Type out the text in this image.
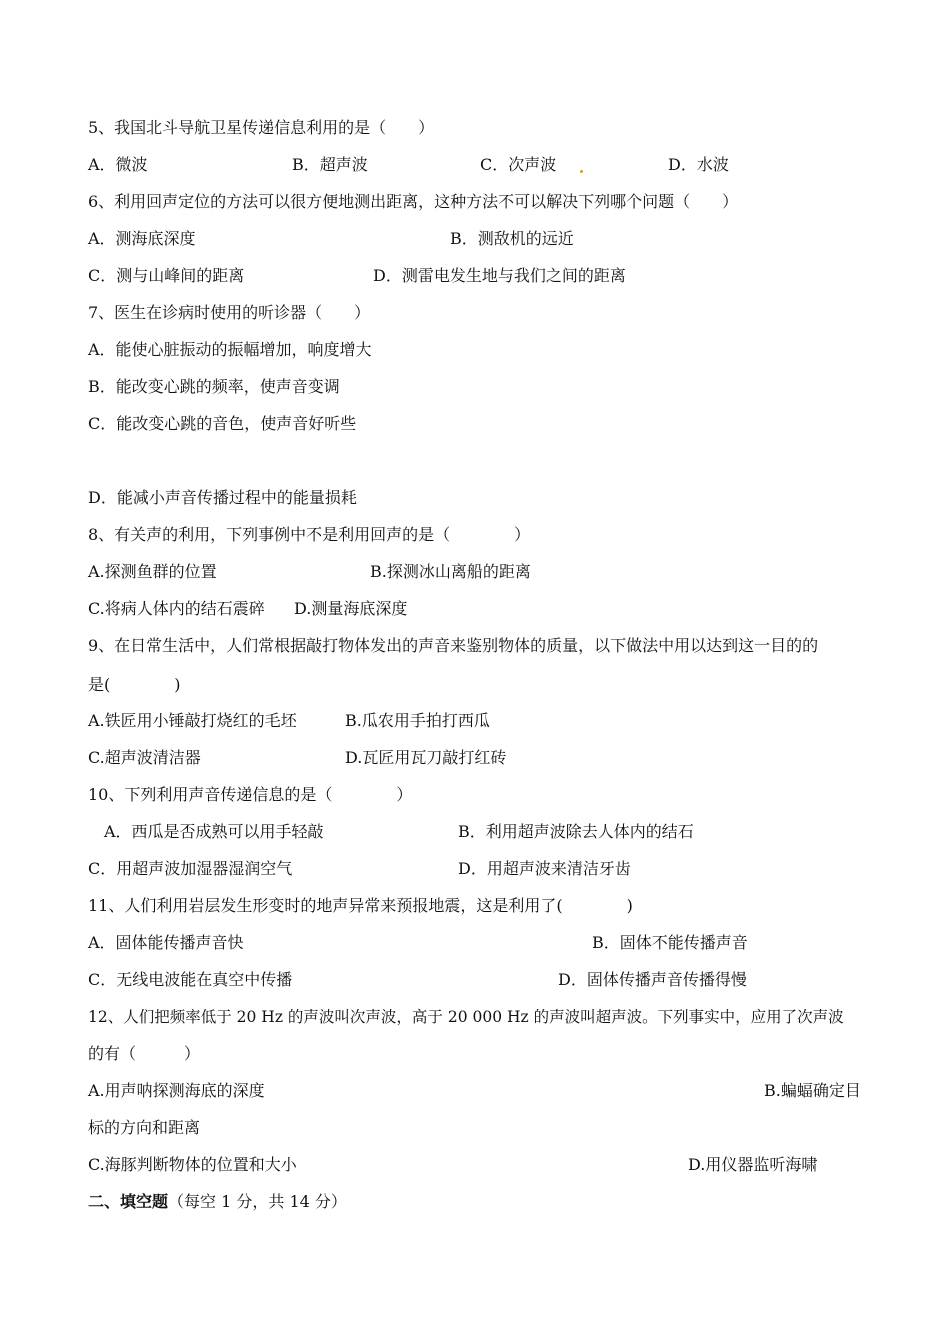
5、我国北斗导航卫星传递信息利用的是（　　）
A．微波	B．超声波	C．次声波	D．水波
6、利用回声定位的方法可以很方便地测出距离，这种方法不可以解决下列哪个问题（　　）
A．测海底深度	B．测敌机的远近
C．测与山峰间的距离	D．测雷电发生地与我们之间的距离
7、医生在诊病时使用的听诊器（　　）
A．能使心脏振动的振幅增加，响度增大
B．能改变心跳的频率，使声音变调
C．能改变心跳的音色，使声音好听些
D．能减小声音传播过程中的能量损耗
8、有关声的利用，下列事例中不是利用回声的是（　　　　）
A.探测鱼群的位置	B.探测冰山离船的距离
C.将病人体内的结石震碎 D.测量海底深度
9、在日常生活中，人们常根据敲打物体发出的声音来鉴别物体的质量，以下做法中用以达到这一目的的
是(　　　　)
A.铁匠用小锤敲打烧红的毛坯	B.瓜农用手拍打西瓜
C.超声波清洁器	D.瓦匠用瓦刀敲打红砖
10、下列利用声音传递信息的是（　　　　）
A．西瓜是否成熟可以用手轻敲	B．利用超声波除去人体内的结石
C．用超声波加湿器湿润空气	D．用超声波来清洁牙齿
11、人们利用岩层发生形变时的地声异常来预报地震，这是利用了(　　　　)
A．固体能传播声音快	B．固体不能传播声音
C．无线电波能在真空中传播	D．固体传播声音传播得慢
12、人们把频率低于 20 Hz 的声波叫次声波，高于 20 000 Hz 的声波叫超声波。下列事实中，应用了次声波
的有（　　　）
A.用声呐探测海底的深度	B.蝙蝠确定目
标的方向和距离
C.海豚判断物体的位置和大小	D.用仪器监听海啸
二、填空题（每空 1 分，共 14 分）
